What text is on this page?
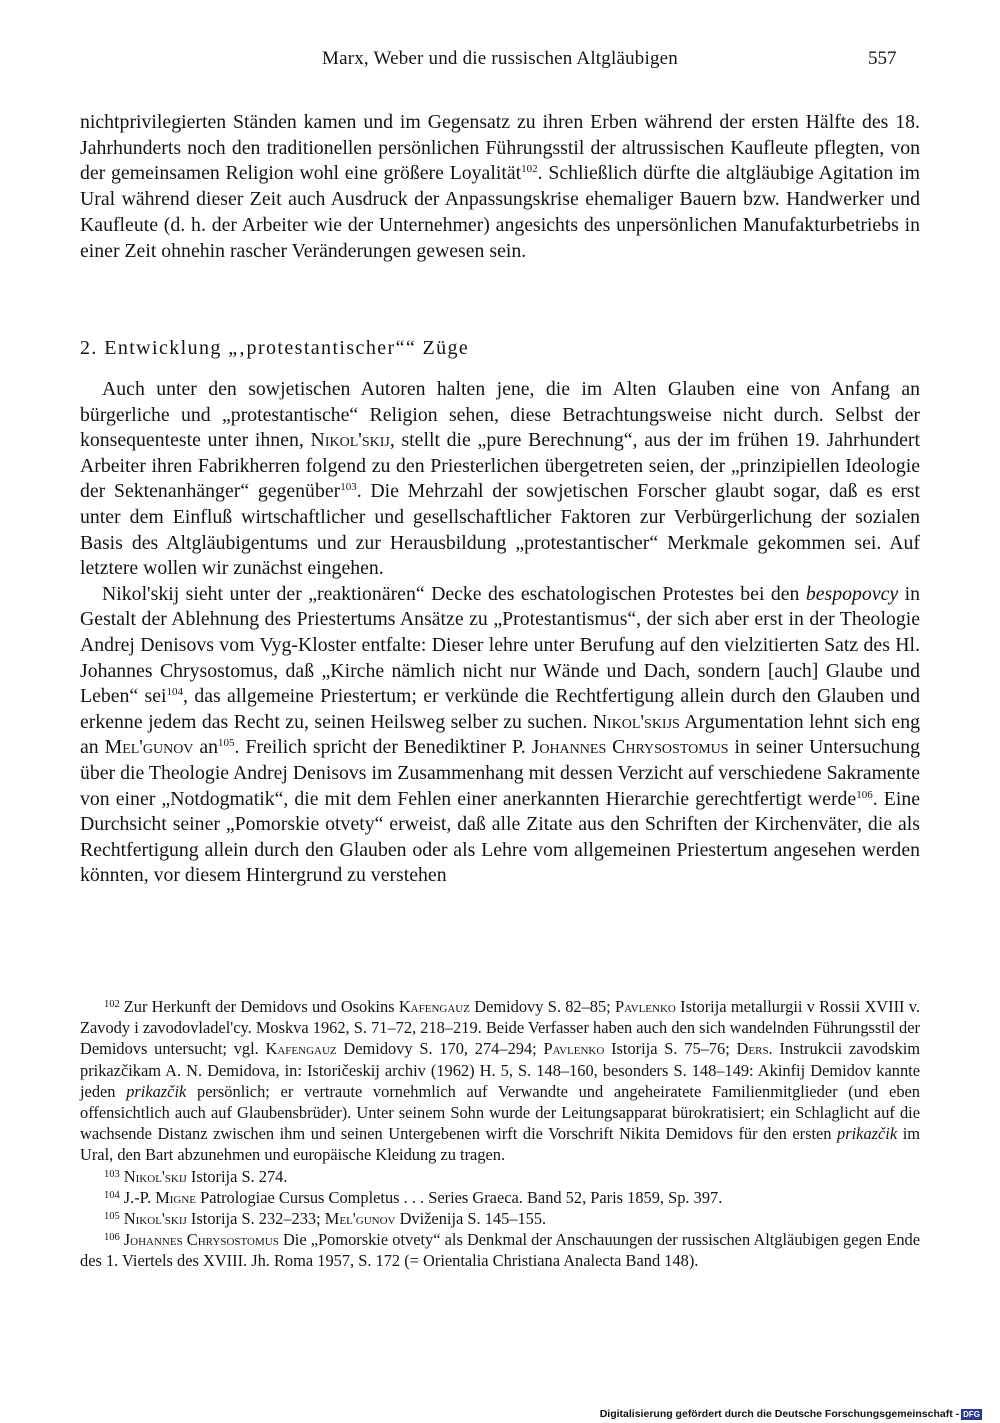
Marx, Weber und die russischen Altgläubigen	557

nichtprivilegierten Ständen kamen und im Gegensatz zu ihren Erben während der ersten Hälfte des 18. Jahrhunderts noch den traditionellen persönlichen Führungsstil der altrussischen Kaufleute pflegten, von der gemeinsamen Religion wohl eine größere Loyalität$^{102}$. Schließlich dürfte die altgläubige Agitation im Ural während dieser Zeit auch Ausdruck der Anpassungskrise ehemaliger Bauern bzw. Handwerker und Kaufleute (d. h. der Arbeiter wie der Unternehmer) angesichts des unpersönlichen Manufakturbetriebs in einer Zeit ohnehin rascher Veränderungen gewesen sein.

2. Entwicklung „‚protestantischer““ Züge

Auch unter den sowjetischen Autoren halten jene, die im Alten Glauben eine von Anfang an bürgerliche und „protestantische“ Religion sehen, diese Betrachtungsweise nicht durch. Selbst der konsequenteste unter ihnen, Nikol'skij, stellt die „pure Berechnung“, aus der im frühen 19. Jahrhundert Arbeiter ihren Fabrikherren folgend zu den Priesterlichen übergetreten seien, der „prinzipiellen Ideologie der Sektenanhänger“ gegenüber$^{103}$. Die Mehrzahl der sowjetischen Forscher glaubt sogar, daß es erst unter dem Einfluß wirtschaftlicher und gesellschaftlicher Faktoren zur Verbürgerlichung der sozialen Basis des Altgläubigentums und zur Herausbildung „protestantischer“ Merkmale gekommen sei. Auf letztere wollen wir zunächst eingehen.

Nikol'skij sieht unter der „reaktionären“ Decke des eschatologischen Protestes bei den bespopovcy in Gestalt der Ablehnung des Priestertums Ansätze zu „Protestantismus“, der sich aber erst in der Theologie Andrej Denisovs vom Vyg-Kloster entfalte: Dieser lehre unter Berufung auf den vielzitierten Satz des Hl. Johannes Chrysostomus, daß „Kirche nämlich nicht nur Wände und Dach, sondern [auch] Glaube und Leben“ sei$^{104}$, das allgemeine Priestertum; er verkünde die Rechtfertigung allein durch den Glauben und erkenne jedem das Recht zu, seinen Heilsweg selber zu suchen. Nikol'skijs Argumentation lehnt sich eng an Mel'gunov $an^{105}$. Freilich spricht der Benediktiner P. Johannes Chrysostomus in seiner Untersuchung über die Theologie Andrej Denisovs im Zusammenhang mit dessen Verzicht auf verschiedene Sakramente von einer „Notdogmatik“, die mit dem Fehlen einer anerkannten Hierarchie gerechtfertigt werde$^{106}$. Eine Durchsicht seiner „Pomorskie otvety“ erweist, daß alle Zitate aus den Schriften der Kirchenväter, die als Rechtfertigung allein durch den Glauben oder als Lehre vom allgemeinen Priestertum angesehen werden könnten, vor diesem Hintergrund zu verstehen

$^{102}$ Zur Herkunft der Demidovs und Osokins Kafengauz Demidovy S. 82–85; Pavlenko Istorija metallurgii v Rossii XVIII v. Zavody i zavodovladel'cy. Moskva 1962, S. 71–72, 218–219. Beide Verfasser haben auch den sich wandelnden Führungsstil der Demidovs untersucht; vgl. Kafengauz Demidovy S. 170, 274–294; Pavlenko Istorija S. 75–76; Ders. Instrukcii zavodskim prikazčikam A. N. Demidova, in: Istoričeskij archiv (1962) H. 5, S. 148–160, besonders S. 148–149: Akinfij Demidov kannte jeden prikazčik persönlich; er vertraute vornehmlich auf Verwandte und angeheiratete Familienmitglieder (und eben offensichtlich auch auf Glaubensbrüder). Unter seinem Sohn wurde der Leitungsapparat bürokratisiert; ein Schlaglicht auf die wachsende Distanz zwischen ihm und seinen Untergebenen wirft die Vorschrift Nikita Demidovs für den ersten prikazčik im Ural, den Bart abzunehmen und europäische Kleidung zu tragen.

$^{103}$ Nikol'skij Istorija S. 274.

$^{104}$ J.-P. Migne Patrologiae Cursus Completus . . . Series Graeca. Band 52, Paris 1859, Sp. 397.

$^{105}$ Nikol'skij Istorija S. 232–233; Mel'gunov Dviženija S. 145–155.

$^{106}$ Johannes Chrysostomus Die „Pomorskie otvety“ als Denkmal der Anschauungen der russischen Altgläubigen gegen Ende des 1. Viertels des XVIII. Jh. Roma 1957, S. 172 (= Orientalia Christiana Analecta Band 148).

Digitalisierung gefördert durch die Deutsche Forschungsgemeinschaft - DFG
